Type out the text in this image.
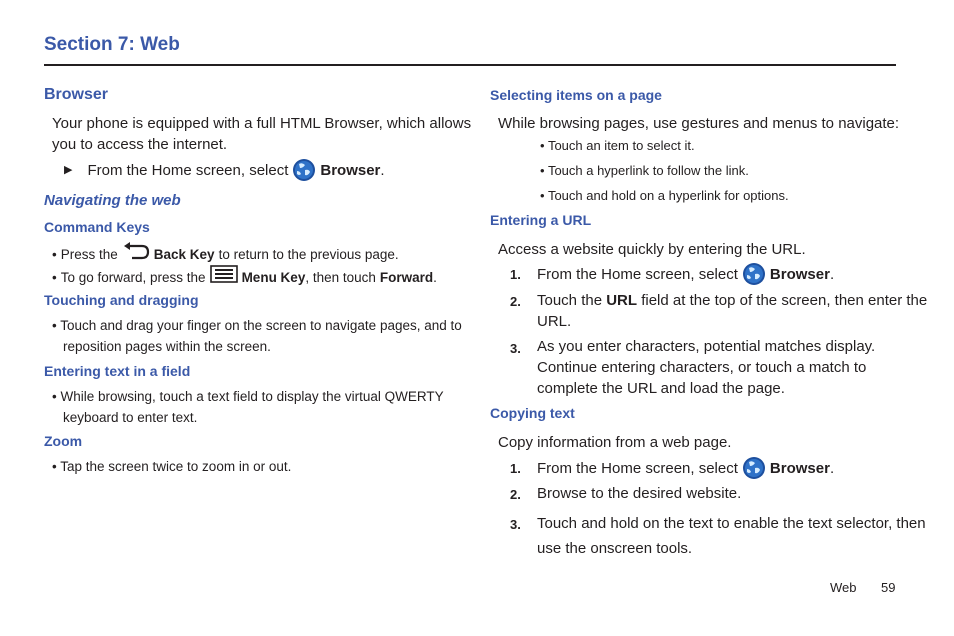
Section 7: Web
Browser
Your phone is equipped with a full HTML Browser, which allows
you to access the internet.
▶ From the Home screen, select Browser .
Navigating the web
Command Keys
• Press the	Back Key to return to the previous page.
• To go forward, press the	Menu Key , then touch Forward .
Touching and dragging
• Touch and drag your finger on the screen to navigate pages, and to
reposition pages within the screen.
Entering text in a field
• While browsing, touch a text field to display the virtual QWERTY
keyboard to enter text.
Zoom
• Tap the screen twice to zoom in or out.
Selecting items on a page
While browsing pages, use gestures and menus to navigate:
• Touch an item to select it.
• Touch a hyperlink to follow the link.
• Touch and hold on a hyperlink for options.
Entering a URL
Access a website quickly by entering the URL.
1. From the Home screen, select Browser .
2. Touch the URL field at the top of the screen, then enter the
URL.
3. As you enter characters, potential matches display.
Continue entering characters, or touch a match to
complete the URL and load the page.
Copying text
Copy information from a web page.
1. From the Home screen, select Browser .
2. Browse to the desired website.
3. Touch and hold on the text to enable the text selector, then
use the onscreen tools.
Web 59
